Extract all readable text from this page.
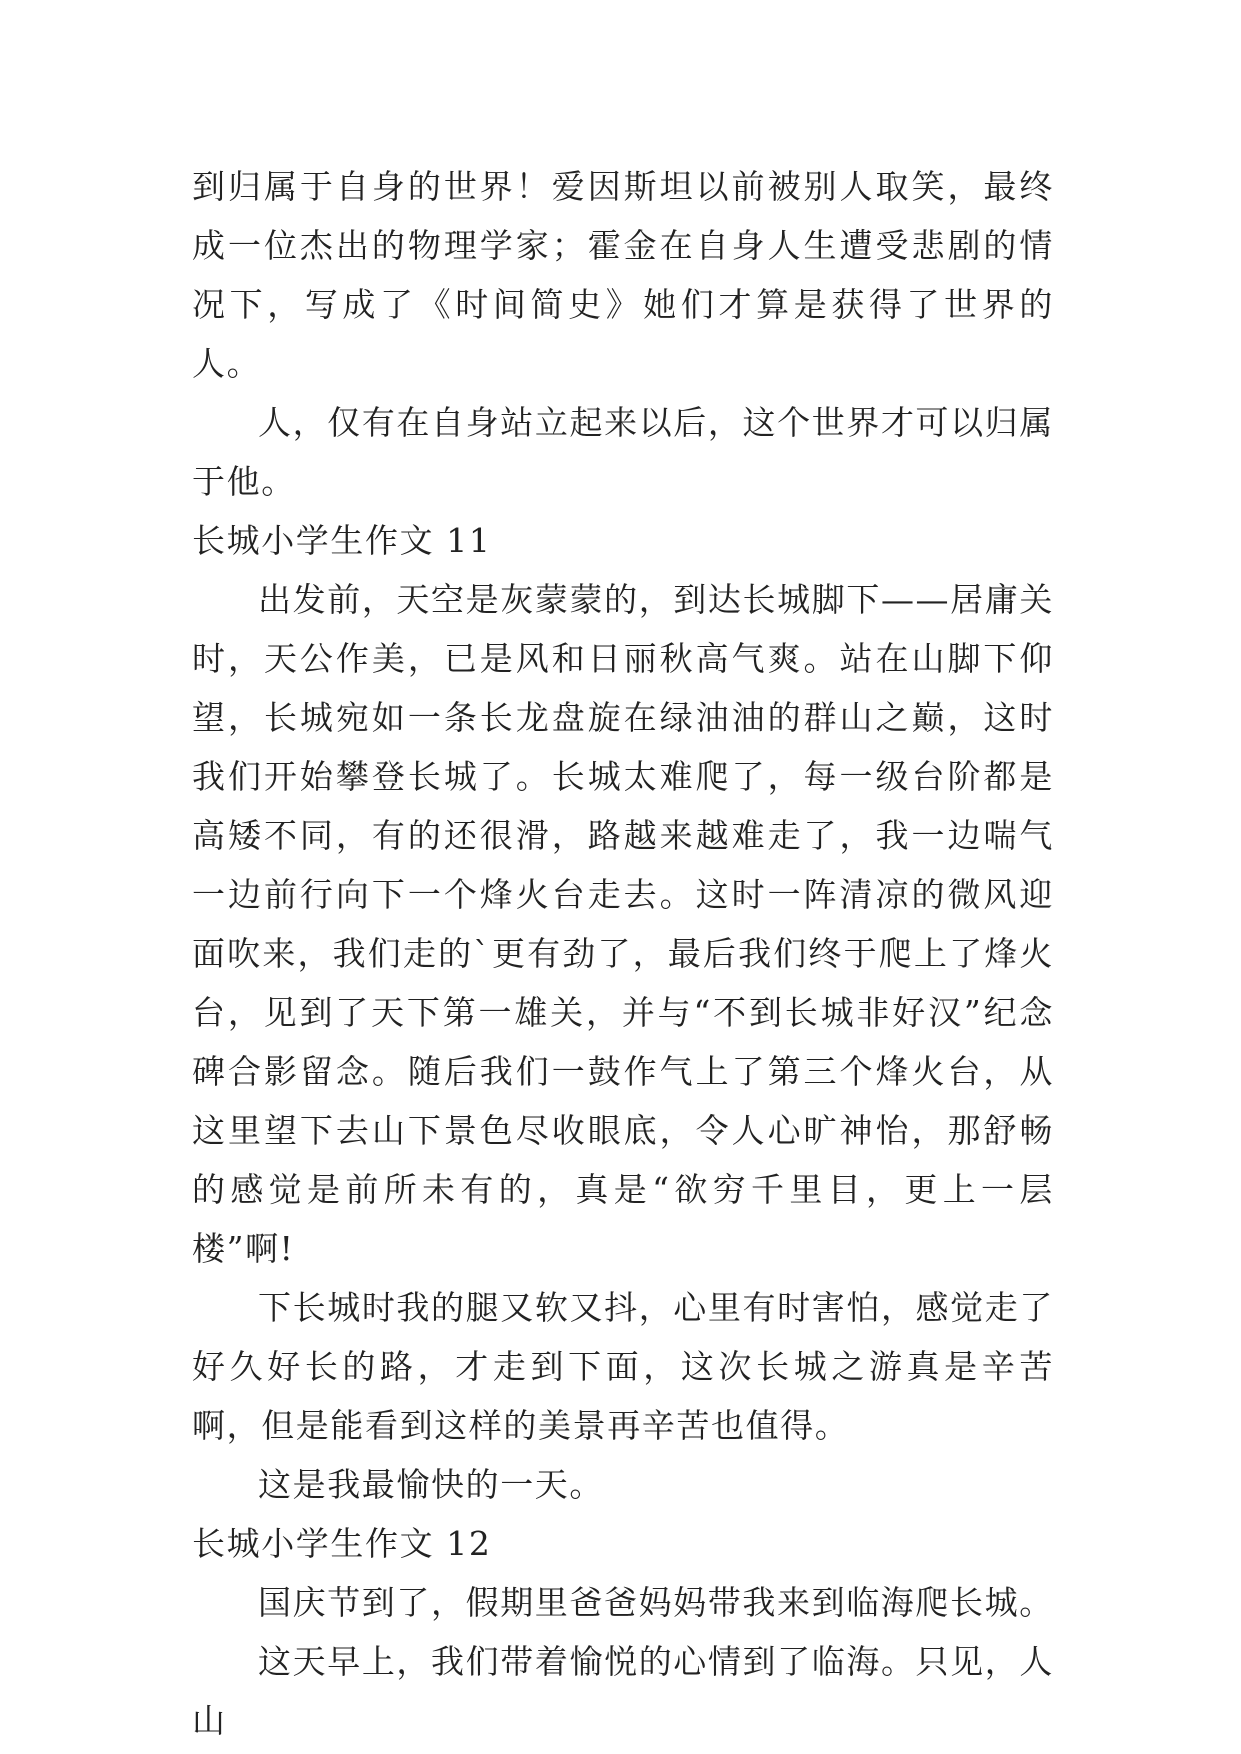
到归属于自身的世界！爱因斯坦以前被别人取笑，最终成一位杰出的物理学家；霍金在自身人生遭受悲剧的情况下，写成了《时间简史》她们才算是获得了世界的人。

人，仅有在自身站立起来以后，这个世界才可以归属于他。

长城小学生作文 11

出发前，天空是灰蒙蒙的，到达长城脚下——居庸关时，天公作美，已是风和日丽秋高气爽。站在山脚下仰望，长城宛如一条长龙盘旋在绿油油的群山之巅，这时我们开始攀登长城了。长城太难爬了，每一级台阶都是高矮不同，有的还很滑，路越来越难走了，我一边喘气一边前行向下一个烽火台走去。这时一阵清凉的微风迎面吹来，我们走的`更有劲了，最后我们终于爬上了烽火台，见到了天下第一雄关，并与“不到长城非好汉”纪念碑合影留念。随后我们一鼓作气上了第三个烽火台，从这里望下去山下景色尽收眼底，令人心旷神怡，那舒畅的感觉是前所未有的，真是“欲穷千里目，更上一层楼”啊!

下长城时我的腿又软又抖，心里有时害怕，感觉走了好久好长的路，才走到下面，这次长城之游真是辛苦啊，但是能看到这样的美景再辛苦也值得。

这是我最愉快的一天。

长城小学生作文 12

国庆节到了，假期里爸爸妈妈带我来到临海爬长城。

这天早上，我们带着愉悦的心情到了临海。只见，人山
